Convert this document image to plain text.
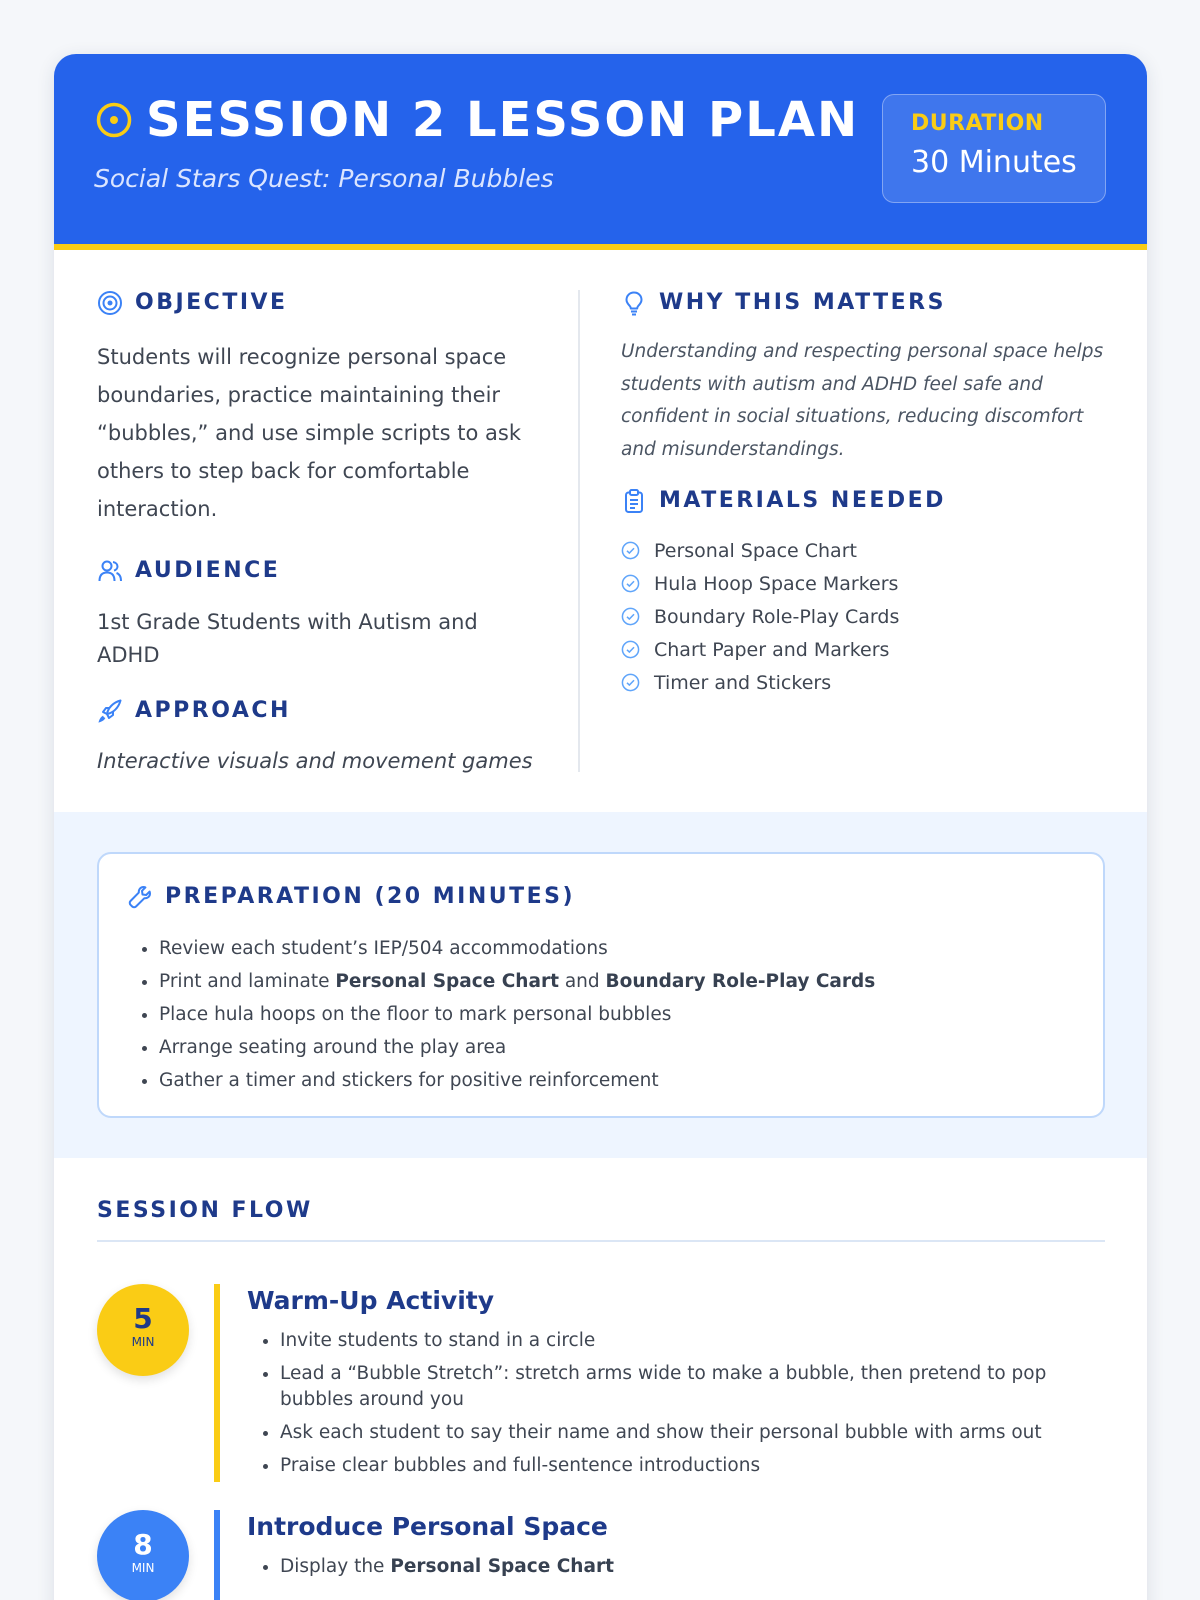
SESSION 2 LESSON PLAN
Social Stars Quest: Personal Bubbles
DURATION
30 Minutes
OBJECTIVE
Students will recognize personal space boundaries, practice maintaining their “bubbles,” and use simple scripts to ask others to step back for comfortable interaction.
AUDIENCE
1st Grade Students with Autism and ADHD
APPROACH
Interactive visuals and movement games
WHY THIS MATTERS
Understanding and respecting personal space helps students with autism and ADHD feel safe and confident in social situations, reducing discomfort and misunderstandings.
MATERIALS NEEDED
Personal Space Chart
Hula Hoop Space Markers
Boundary Role-Play Cards
Chart Paper and Markers
Timer and Stickers
PREPARATION (20 MINUTES)
• Review each student’s IEP/504 accommodations
• Print and laminate Personal Space Chart and Boundary Role-Play Cards
• Place hula hoops on the floor to mark personal bubbles
• Arrange seating around the play area
• Gather a timer and stickers for positive reinforcement
SESSION FLOW
5
MIN
Warm-Up Activity
• Invite students to stand in a circle
• Lead a “Bubble Stretch”: stretch arms wide to make a bubble, then pretend to pop bubbles around you
• Ask each student to say their name and show their personal bubble with arms out
• Praise clear bubbles and full-sentence introductions
8
MIN
Introduce Personal Space
• Display the Personal Space Chart
